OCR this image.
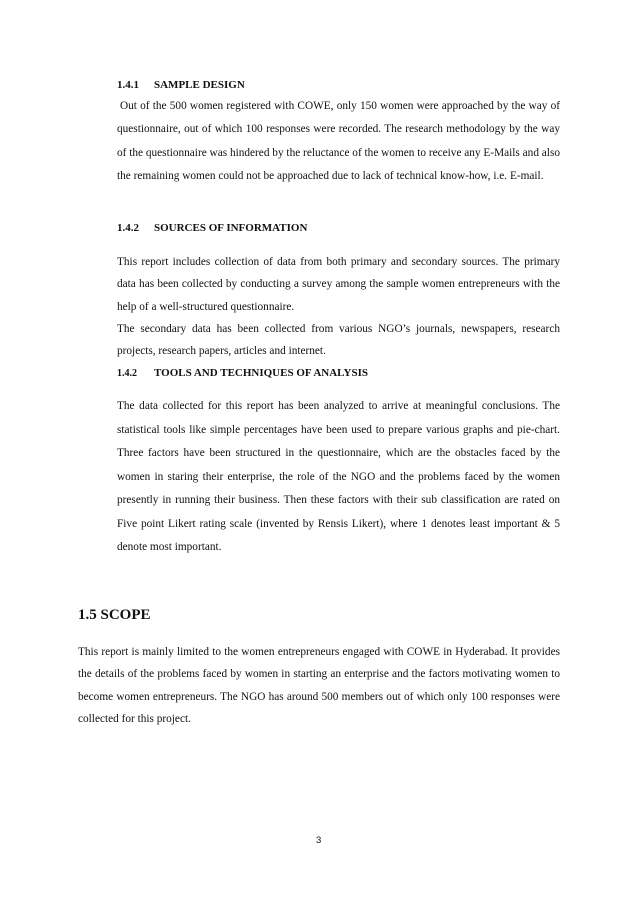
1.4.1 SAMPLE DESIGN

Out of the 500 women registered with COWE, only 150 women were approached by the way of questionnaire, out of which 100 responses were recorded. The research methodology by the way of the questionnaire was hindered by the reluctance of the women to receive any E-Mails and also the remaining women could not be approached due to lack of technical know-how, i.e. E-mail.

1.4.2 SOURCES OF INFORMATION

This report includes collection of data from both primary and secondary sources. The primary data has been collected by conducting a survey among the sample women entrepreneurs with the help of a well-structured questionnaire.

The secondary data has been collected from various NGO’s journals, newspapers, research projects, research papers, articles and internet.

1.4.2 TOOLS AND TECHNIQUES OF ANALYSIS

The data collected for this report has been analyzed to arrive at meaningful conclusions. The statistical tools like simple percentages have been used to prepare various graphs and pie-chart. Three factors have been structured in the questionnaire, which are the obstacles faced by the women in staring their enterprise, the role of the NGO and the problems faced by the women presently in running their business. Then these factors with their sub classification are rated on Five point Likert rating scale (invented by Rensis Likert), where 1 denotes least important & 5 denote most important.

1.5 SCOPE

This report is mainly limited to the women entrepreneurs engaged with COWE in Hyderabad. It provides the details of the problems faced by women in starting an enterprise and the factors motivating women to become women entrepreneurs. The NGO has around 500 members out of which only 100 responses were collected for this project.

3
